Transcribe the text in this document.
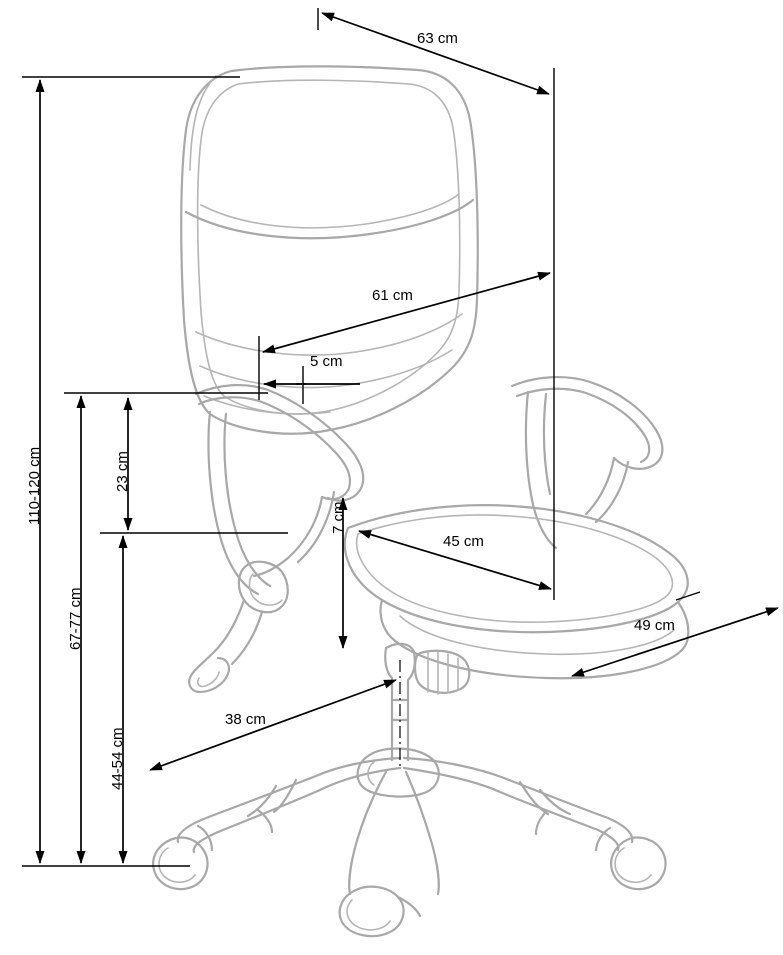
63 cm
61 cm
5 cm
45 cm
38 cm
49 cm
110-120 cm
67-77 cm
44-54 cm
23 cm
7 cm
